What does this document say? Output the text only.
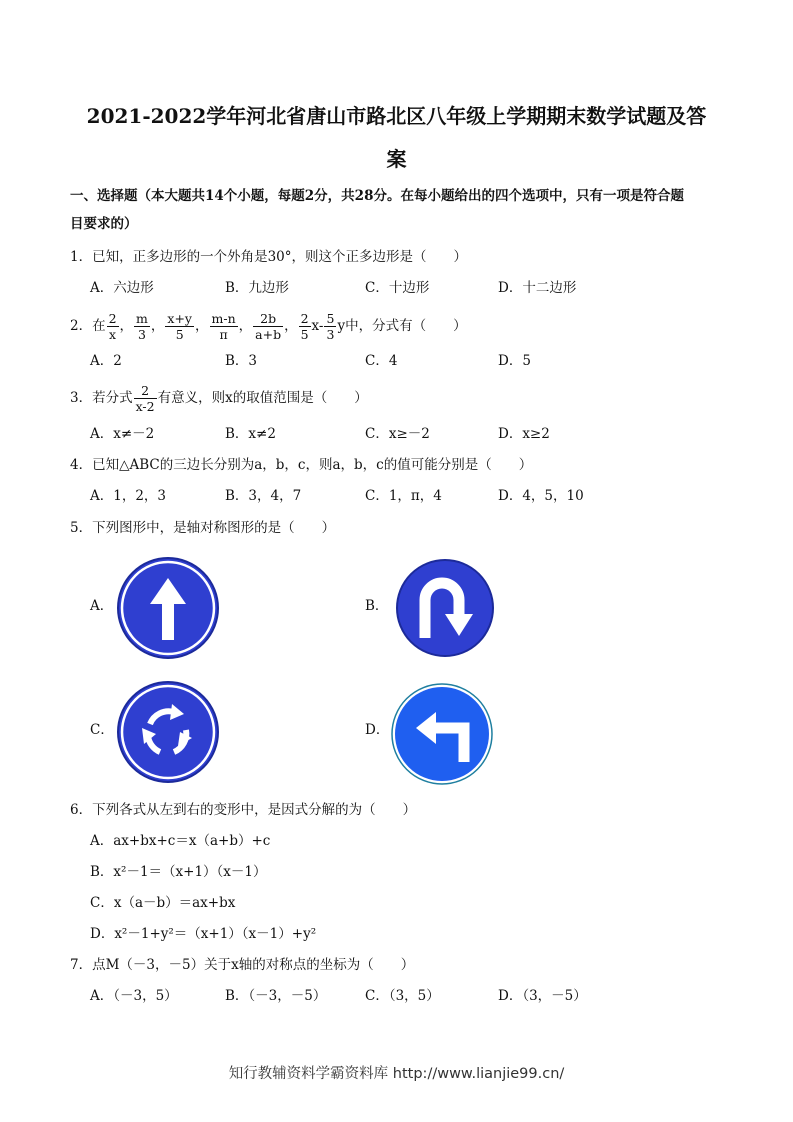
2021-2022学年河北省唐山市路北区八年级上学期期末数学试题及答
案
一、选择题（本大题共14个小题，每题2分，共28分。在每小题给出的四个选项中，只有一项是符合题
目要求的）
1．已知，正多边形的一个外角是30°，则这个正多边形是（　　）
A．六边形	B．九边形	C．十边形	D．十二边形
2．在 $\frac{2}{x}$ ， $\frac{m}{3}$ ， $\frac{x+y}{5}$ ， $\frac{m-n}{\pi}$ ， $\frac{2b}{a+b}$ ， $\frac{2}{5} x- \frac{5}{3}$ y中，分式有（　　）
A．2	B．3	C．4	D．5
3．若分式 $\frac{2}{x-2}$ 有意义，则x的取值范围是（　　）
A．x≠－2	B．x≠2	C．x≥－2	D．x≥2
4．已知△ABC的三边长分别为a，b，c，则a，b，c的值可能分别是（　　）
A．1，2，3	B．3，4，7	C．1，π，4	D．4，5，10
5．下列图形中，是轴对称图形的是（　　）
A．	B．
C．	D．
6．下列各式从左到右的变形中，是因式分解的为（　　）
A．ax+bx+c＝x（a+b）+c
B．x²－1＝（x+1）（x－1）
C．x（a－b）＝ax+bx
D．x²－1+y²＝（x+1）（x－1）+y²
7．点M（－3，－5）关于x轴的对称点的坐标为（　　）
A．（－3，5）	B．（－3，－5）	C．（3，5）	D．（3，－5）
知行教辅资料学霸资料库 http://www.lianjie99.cn/
